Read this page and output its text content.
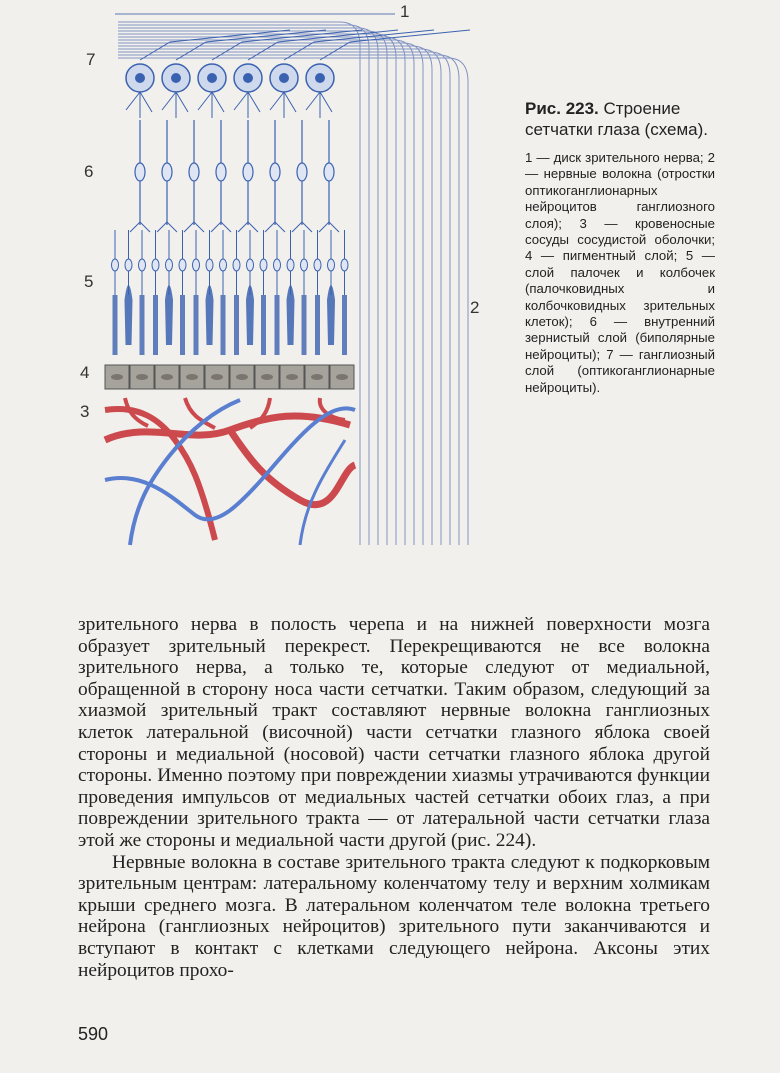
1
7
6
5
4
3
2

Рис. 223. Строение сетчатки глаза (схема).

1 — диск зрительного нерва; 2 — нервные волокна (отростки оптикоганглионарных нейроцитов ганглиозного слоя); 3 — кровеносные сосуды сосудистой оболочки; 4 — пигментный слой; 5 — слой палочек и колбочек (палочковидных и колбочковидных зрительных клеток); 6 — внутренний зернистый слой (биполярные нейроциты); 7 — ганглиозный слой (оптикоганглионарные нейроциты).

зрительного нерва в полость черепа и на нижней поверхности мозга образует зрительный перекрест. Перекрещиваются не все волокна зрительного нерва, а только те, которые следуют от медиальной, обращенной в сторону носа части сетчатки. Таким образом, следующий за хиазмой зрительный тракт составляют нервные волокна ганглиозных клеток латеральной (височной) части сетчатки глазного яблока своей стороны и медиальной (носовой) части сетчатки глазного яблока другой стороны. Именно поэтому при повреждении хиазмы утрачиваются функции проведения импульсов от медиальных частей сетчатки обоих глаз, а при повреждении зрительного тракта — от латеральной части сетчатки глаза этой же стороны и медиальной части другой (рис. 224).

Нервные волокна в составе зрительного тракта следуют к подкорковым зрительным центрам: латеральному коленчатому телу и верхним холмикам крыши среднего мозга. В латеральном коленчатом теле волокна третьего нейрона (ганглиозных нейроцитов) зрительного пути заканчиваются и вступают в контакт с клетками следующего нейрона. Аксоны этих нейроцитов прохо-

590
